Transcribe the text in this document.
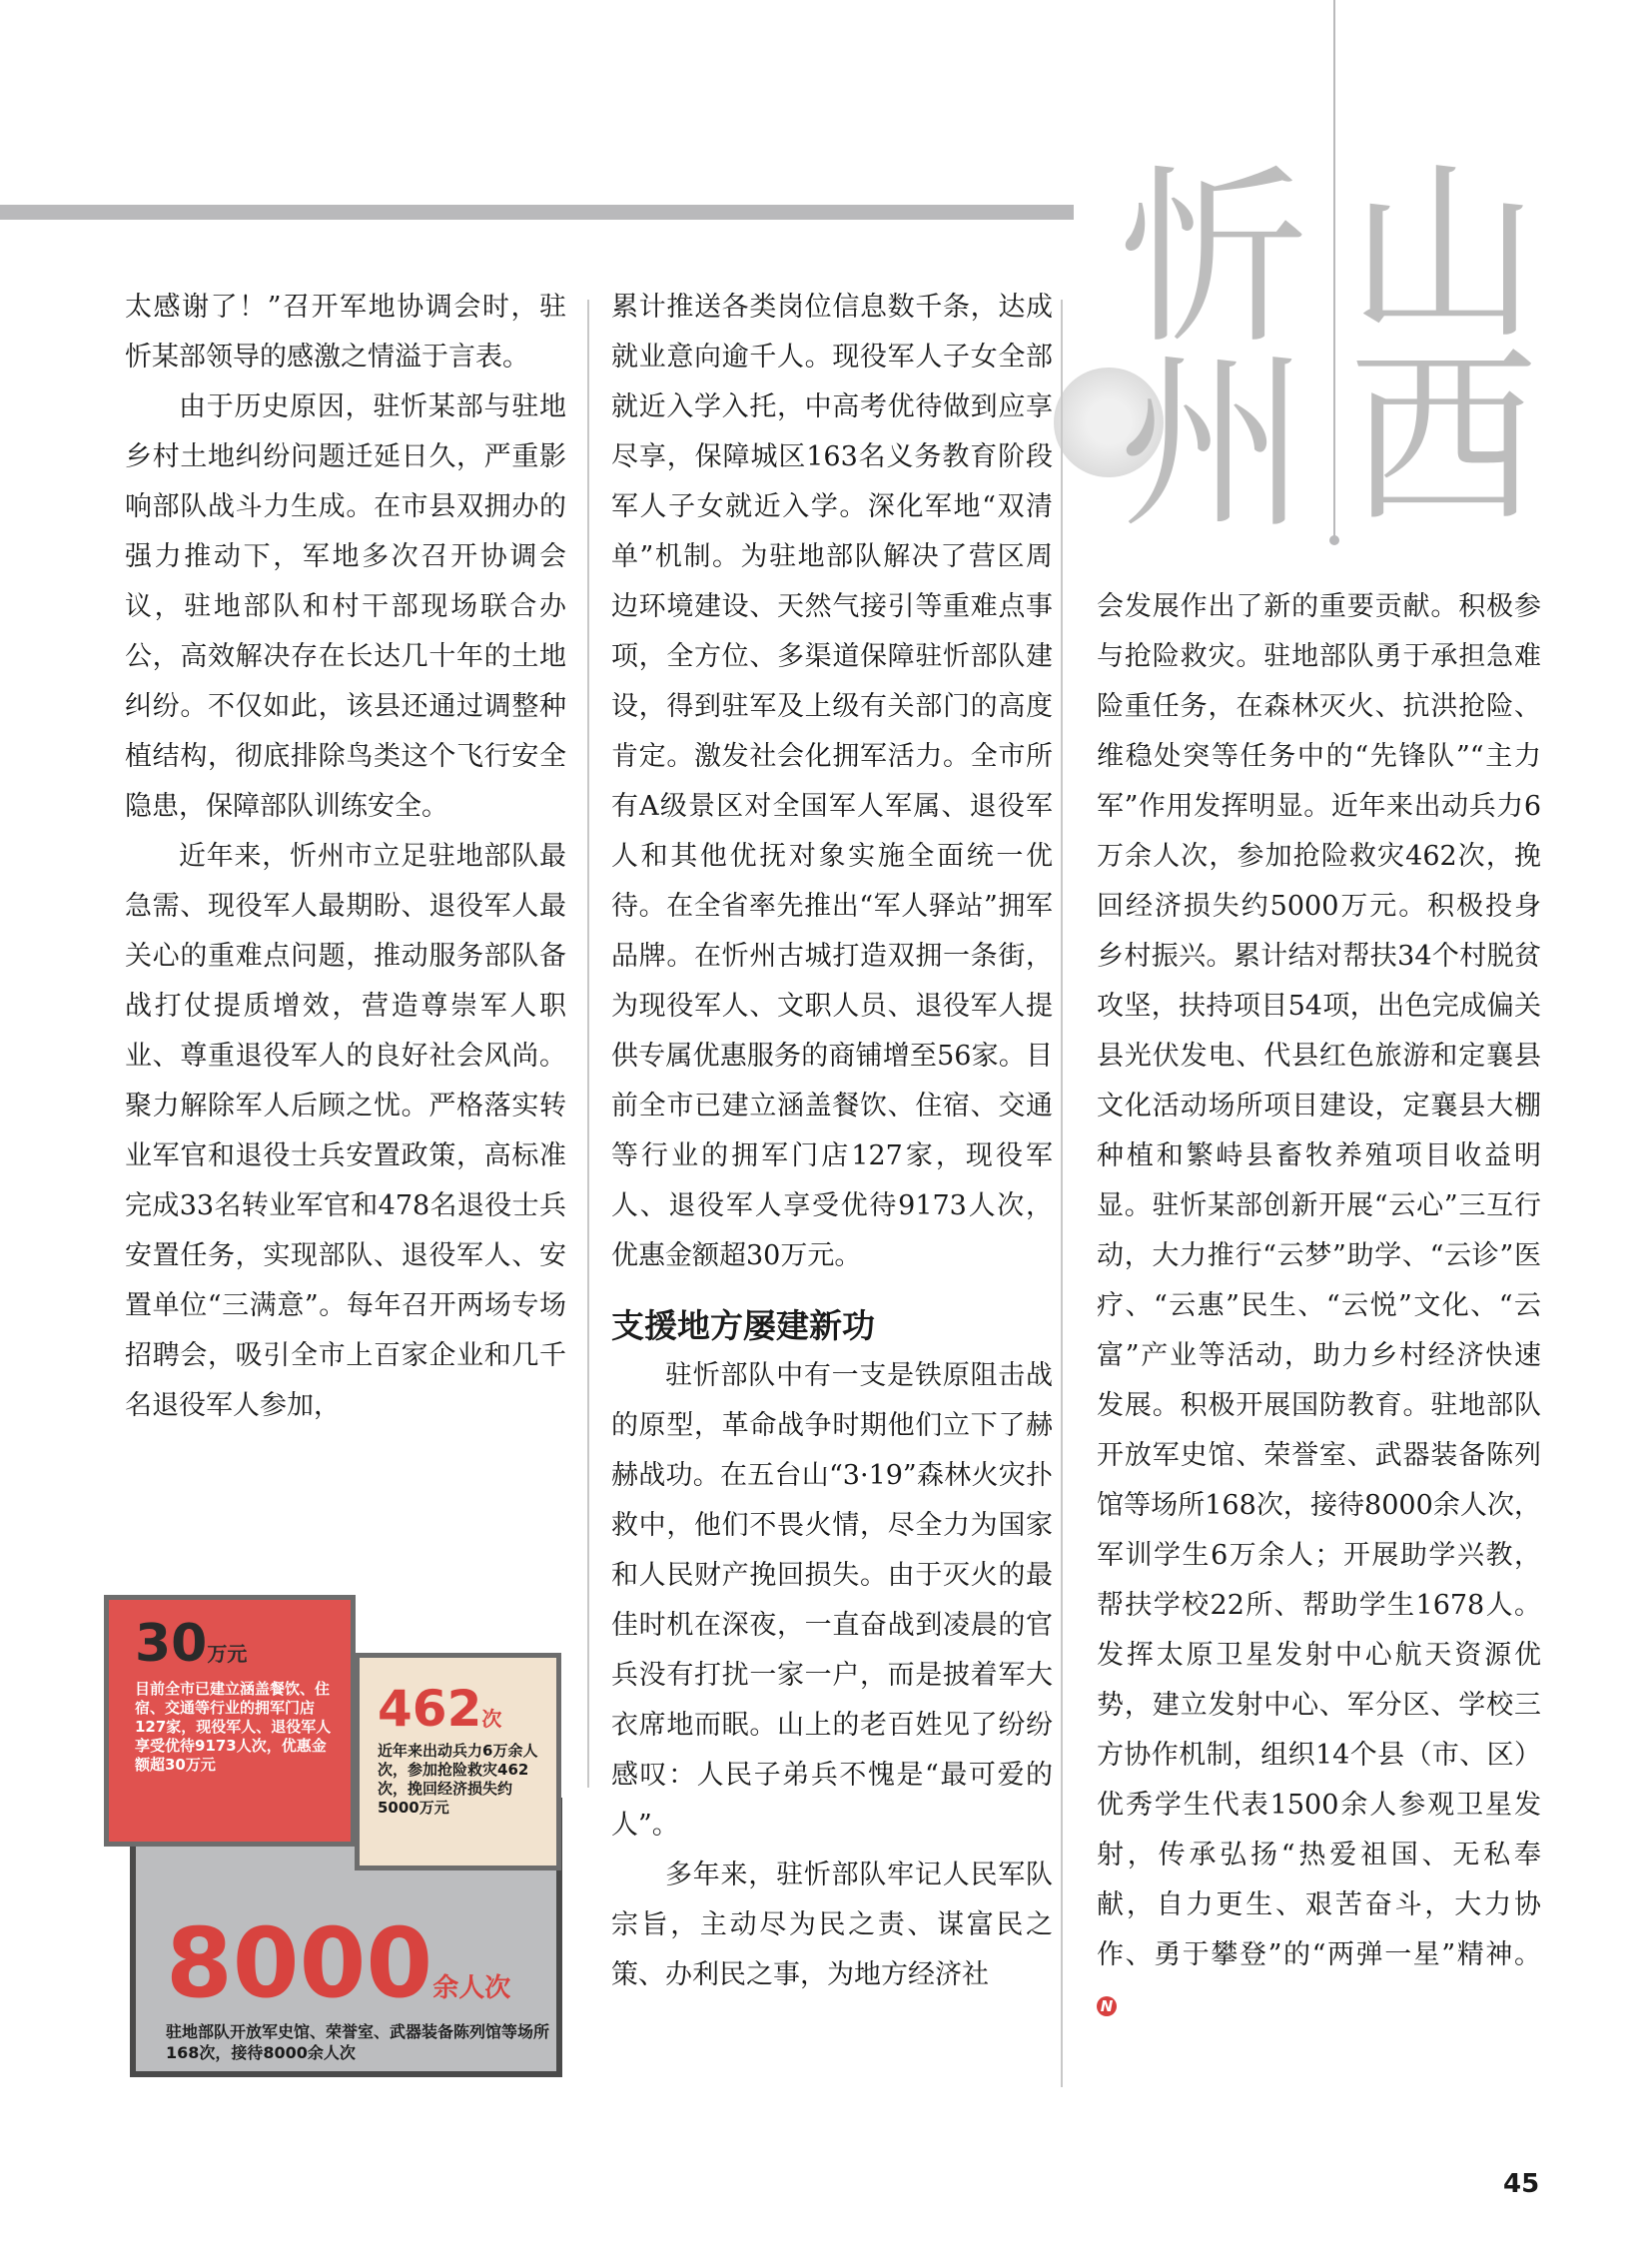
忻
州
山
西

太感谢了！”召开军地协调会时，驻忻某部领导的感激之情溢于言表。

由于历史原因，驻忻某部与驻地乡村土地纠纷问题迁延日久，严重影响部队战斗力生成。在市县双拥办的强力推动下，军地多次召开协调会议，驻地部队和村干部现场联合办公，高效解决存在长达几十年的土地纠纷。不仅如此，该县还通过调整种植结构，彻底排除鸟类这个飞行安全隐患，保障部队训练安全。

近年来，忻州市立足驻地部队最急需、现役军人最期盼、退役军人最关心的重难点问题，推动服务部队备战打仗提质增效，营造尊崇军人职业、尊重退役军人的良好社会风尚。聚力解除军人后顾之忧。严格落实转业军官和退役士兵安置政策，高标准完成33名转业军官和478名退役士兵安置任务，实现部队、退役军人、安置单位“三满意”。每年召开两场专场招聘会，吸引全市上百家企业和几千名退役军人参加，

累计推送各类岗位信息数千条，达成就业意向逾千人。现役军人子女全部就近入学入托，中高考优待做到应享尽享，保障城区163名义务教育阶段军人子女就近入学。深化军地“双清单”机制。为驻地部队解决了营区周边环境建设、天然气接引等重难点事项，全方位、多渠道保障驻忻部队建设，得到驻军及上级有关部门的高度肯定。激发社会化拥军活力。全市所有A级景区对全国军人军属、退役军人和其他优抚对象实施全面统一优待。在全省率先推出“军人驿站”拥军品牌。在忻州古城打造双拥一条街，为现役军人、文职人员、退役军人提供专属优惠服务的商铺增至56家。目前全市已建立涵盖餐饮、住宿、交通等行业的拥军门店127家，现役军人、退役军人享受优待9173人次，优惠金额超30万元。

支援地方屡建新功

驻忻部队中有一支是铁原阻击战的原型，革命战争时期他们立下了赫赫战功。在五台山“3·19”森林火灾扑救中，他们不畏火情，尽全力为国家和人民财产挽回损失。由于灭火的最佳时机在深夜，一直奋战到凌晨的官兵没有打扰一家一户，而是披着军大衣席地而眠。山上的老百姓见了纷纷感叹：人民子弟兵不愧是“最可爱的人”。

多年来，驻忻部队牢记人民军队宗旨，主动尽为民之责、谋富民之策、办利民之事，为地方经济社

会发展作出了新的重要贡献。积极参与抢险救灾。驻地部队勇于承担急难险重任务，在森林灭火、抗洪抢险、维稳处突等任务中的“先锋队”“主力军”作用发挥明显。近年来出动兵力6万余人次，参加抢险救灾462次，挽回经济损失约5000万元。积极投身乡村振兴。累计结对帮扶34个村脱贫攻坚，扶持项目54项，出色完成偏关县光伏发电、代县红色旅游和定襄县文化活动场所项目建设，定襄县大棚种植和繁峙县畜牧养殖项目收益明显。驻忻某部创新开展“云心”三互行动，大力推行“云梦”助学、“云诊”医疗、“云惠”民生、“云悦”文化、“云富”产业等活动，助力乡村经济快速发展。积极开展国防教育。驻地部队开放军史馆、荣誉室、武器装备陈列馆等场所168次，接待8000余人次，军训学生6万余人；开展助学兴教，帮扶学校22所、帮助学生1678人。发挥太原卫星发射中心航天资源优势，建立发射中心、军分区、学校三方协作机制，组织14个县（市、区）优秀学生代表1500余人参观卫星发射，传承弘扬“热爱祖国、无私奉献，自力更生、艰苦奋斗，大力协作、勇于攀登”的“两弹一星”精神。 N

8000余人次
驻地部队开放军史馆、荣誉室、武器装备陈列馆等场所168次，接待8000余人次
462次
近年来出动兵力6万余人次，参加抢险救灾462次，挽回经济损失约5000万元
30万元
目前全市已建立涵盖餐饮、住宿、交通等行业的拥军门店127家，现役军人、退役军人享受优待9173人次，优惠金额超30万元
45
